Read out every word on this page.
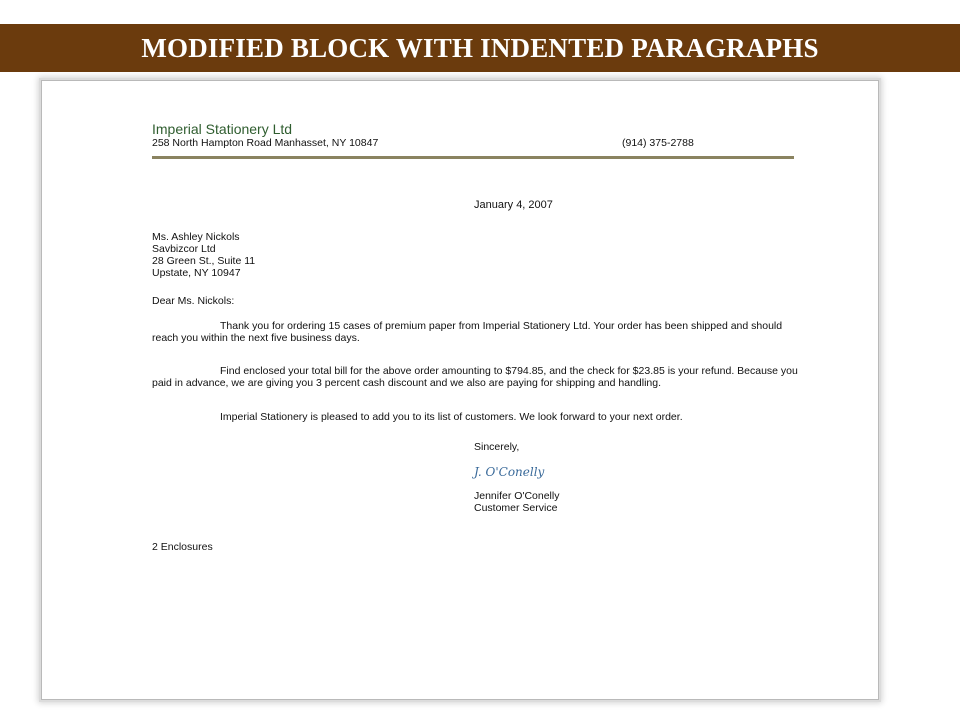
MODIFIED BLOCK WITH INDENTED PARAGRAPHS
Imperial Stationery Ltd
258 North Hampton Road Manhasset, NY 10847	(914) 375-2788
January 4, 2007
Ms. Ashley Nickols
Savbizcor Ltd
28 Green St., Suite 11
Upstate, NY 10947
Dear Ms. Nickols:
Thank you for ordering 15 cases of premium paper from Imperial Stationery Ltd. Your order has been shipped and should reach you within the next five business days.
Find enclosed your total bill for the above order amounting to $794.85, and the check for $23.85 is your refund. Because you paid in advance, we are giving you 3 percent cash discount and we also are paying for shipping and handling.
Imperial Stationery is pleased to add you to its list of customers. We look forward to your next order.
Sincerely,
J. O'Conelly
Jennifer O'Conelly
Customer Service
2 Enclosures
